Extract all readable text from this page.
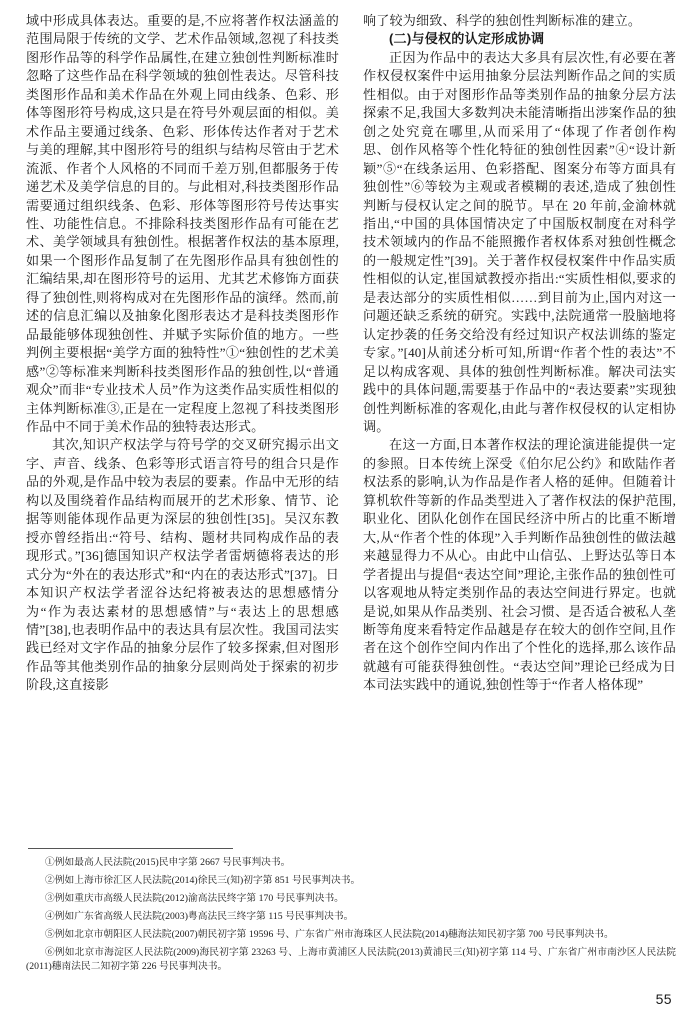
域中形成具体表达。重要的是,不应将著作权法涵盖的范围局限于传统的文学、艺术作品领域,忽视了科技类图形作品等的科学作品属性,在建立独创性判断标准时忽略了这些作品在科学领域的独创性表达。尽管科技类图形作品和美术作品在外观上同由线条、色彩、形体等图形符号构成,这只是在符号外观层面的相似。美术作品主要通过线条、色彩、形体传达作者对于艺术与美的理解,其中图形符号的组织与结构尽管由于艺术流派、作者个人风格的不同而千差万别,但都服务于传递艺术及美学信息的目的。与此相对,科技类图形作品需要通过组织线条、色彩、形体等图形符号传达事实性、功能性信息。不排除科技类图形作品有可能在艺术、美学领域具有独创性。根据著作权法的基本原理,如果一个图形作品复制了在先图形作品具有独创性的汇编结果,却在图形符号的运用、尤其艺术修饰方面获得了独创性,则将构成对在先图形作品的演绎。然而,前述的信息汇编以及抽象化图形表达才是科技类图形作品最能够体现独创性、并赋予实际价值的地方。一些判例主要根据“美学方面的独特性”①“独创性的艺术美感”②等标准来判断科技类图形作品的独创性,以“普通观众”而非“专业技术人员”作为这类作品实质性相似的主体判断标准③,正是在一定程度上忽视了科技类图形作品中不同于美术作品的独特表达形式。

其次,知识产权法学与符号学的交叉研究揭示出文字、声音、线条、色彩等形式语言符号的组合只是作品的外观,是作品中较为表层的要素。作品中无形的结构以及围绕着作品结构而展开的艺术形象、情节、论据等则能体现作品更为深层的独创性[35]。吴汉东教授亦曾经指出:“符号、结构、题材共同构成作品的表现形式。”[36]德国知识产权法学者雷炳德将表达的形式分为“外在的表达形式”和“内在的表达形式”[37]。日本知识产权法学者涩谷达纪将被表达的思想感情分为“作为表达素材的思想感情”与“表达上的思想感情”[38],也表明作品中的表达具有层次性。我国司法实践已经对文字作品的抽象分层作了较多探索,但对图形作品等其他类别作品的抽象分层则尚处于探索的初步阶段,这直接影

响了较为细致、科学的独创性判断标准的建立。

(二)与侵权的认定形成协调

正因为作品中的表达大多具有层次性,有必要在著作权侵权案件中运用抽象分层法判断作品之间的实质性相似。由于对图形作品等类别作品的抽象分层方法探索不足,我国大多数判决未能清晰指出涉案作品的独创之处究竟在哪里,从而采用了“体现了作者创作构思、创作风格等个性化特征的独创性因素”④“设计新颖”⑤“在线条运用、色彩搭配、图案分布等方面具有独创性”⑥等较为主观或者模糊的表述,造成了独创性判断与侵权认定之间的脱节。早在 20 年前,金渝林就指出,“中国的具体国情决定了中国版权制度在对科学技术领域内的作品不能照搬作者权体系对独创性概念的一般规定性”[39]。关于著作权侵权案件中作品实质性相似的认定,崔国斌教授亦指出:“实质性相似,要求的是表达部分的实质性相似……到目前为止,国内对这一问题还缺乏系统的研究。实践中,法院通常一股脑地将认定抄袭的任务交给没有经过知识产权法训练的鉴定专家。”[40]从前述分析可知,所谓“作者个性的表达”不足以构成客观、具体的独创性判断标准。解决司法实践中的具体问题,需要基于作品中的“表达要素”实现独创性判断标准的客观化,由此与著作权侵权的认定相协调。

在这一方面,日本著作权法的理论演进能提供一定的参照。日本传统上深受《伯尔尼公约》和欧陆作者权法系的影响,认为作品是作者人格的延伸。但随着计算机软件等新的作品类型进入了著作权法的保护范围,职业化、团队化创作在国民经济中所占的比重不断增大,从“作者个性的体现”入手判断作品独创性的做法越来越显得力不从心。由此中山信弘、上野达弘等日本学者提出与提倡“表达空间”理论,主张作品的独创性可以客观地从特定类别作品的表达空间进行界定。也就是说,如果从作品类别、社会习惯、是否适合被私人垄断等角度来看特定作品越是存在较大的创作空间,且作者在这个创作空间内作出了个性化的选择,那么该作品就越有可能获得独创性。“表达空间”理论已经成为日本司法实践中的通说,独创性等于“作者人格体现”

①例如最高人民法院(2015)民申字第 2667 号民事判决书。

②例如上海市徐汇区人民法院(2014)徐民三(知)初字第 851 号民事判决书。

③例如重庆市高级人民法院(2012)渝高法民终字第 170 号民事判决书。

④例如广东省高级人民法院(2003)粤高法民三终字第 115 号民事判决书。

⑤例如北京市朝阳区人民法院(2007)朝民初字第 19596 号、广东省广州市海珠区人民法院(2014)穗海法知民初字第 700 号民事判决书。

⑥例如北京市海淀区人民法院(2009)海民初字第 23263 号、上海市黄浦区人民法院(2013)黄浦民三(知)初字第 114 号、广东省广州市南沙区人民法院(2011)穗南法民二知初字第 226 号民事判决书。

55
